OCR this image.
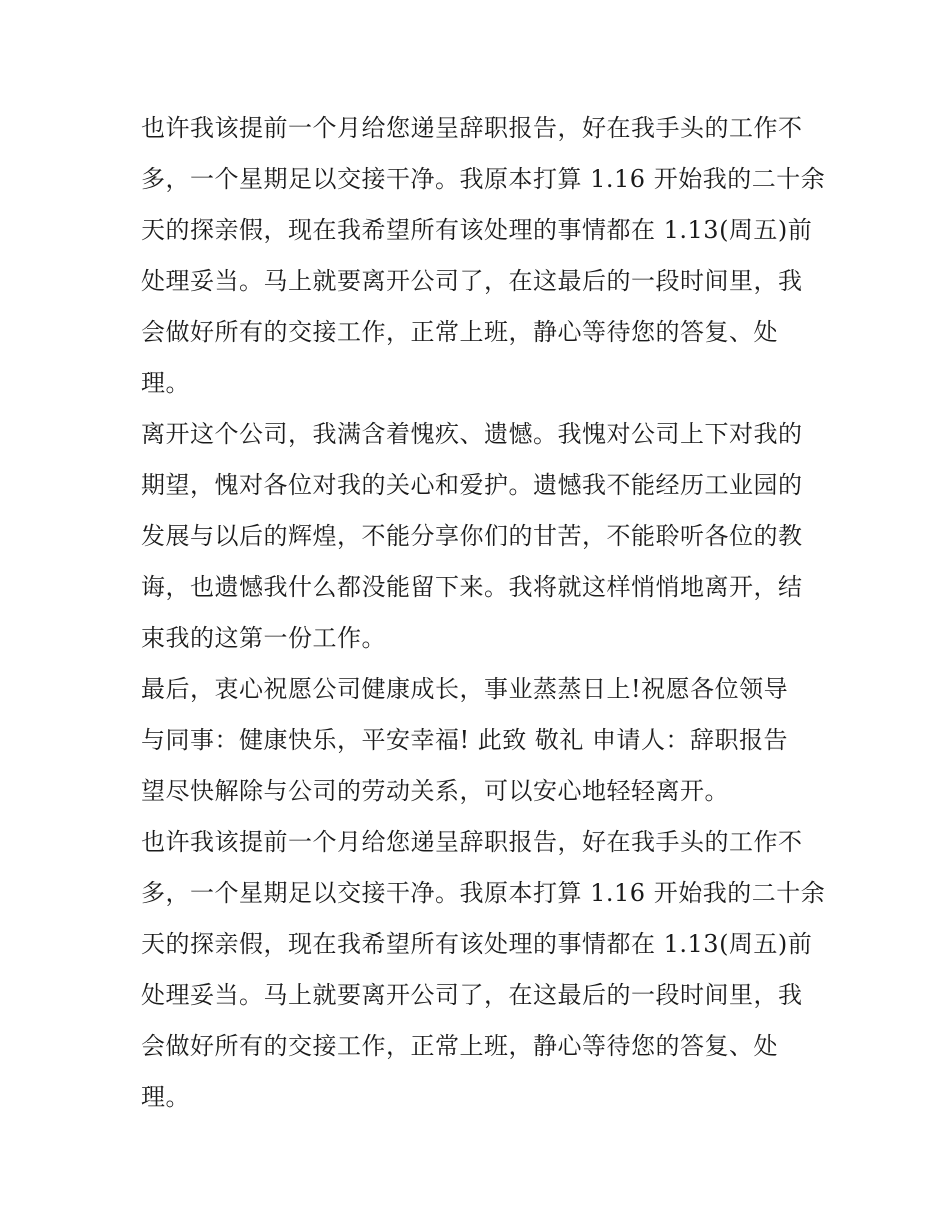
也许我该提前一个月给您递呈辞职报告，好在我手头的工作不
多，一个星期足以交接干净。我原本打算 1.16 开始我的二十余
天的探亲假，现在我希望所有该处理的事情都在 1.13(周五)前
处理妥当。马上就要离开公司了，在这最后的一段时间里，我
会做好所有的交接工作，正常上班，静心等待您的答复、处
理。
离开这个公司，我满含着愧疚、遗憾。我愧对公司上下对我的
期望，愧对各位对我的关心和爱护。遗憾我不能经历工业园的
发展与以后的辉煌，不能分享你们的甘苦，不能聆听各位的教
诲，也遗憾我什么都没能留下来。我将就这样悄悄地离开，结
束我的这第一份工作。
最后，衷心祝愿公司健康成长，事业蒸蒸日上!祝愿各位领导
与同事：健康快乐，平安幸福! 此致 敬礼 申请人：辞职报告
望尽快解除与公司的劳动关系，可以安心地轻轻离开。
也许我该提前一个月给您递呈辞职报告，好在我手头的工作不
多，一个星期足以交接干净。我原本打算 1.16 开始我的二十余
天的探亲假，现在我希望所有该处理的事情都在 1.13(周五)前
处理妥当。马上就要离开公司了，在这最后的一段时间里，我
会做好所有的交接工作，正常上班，静心等待您的答复、处
理。
